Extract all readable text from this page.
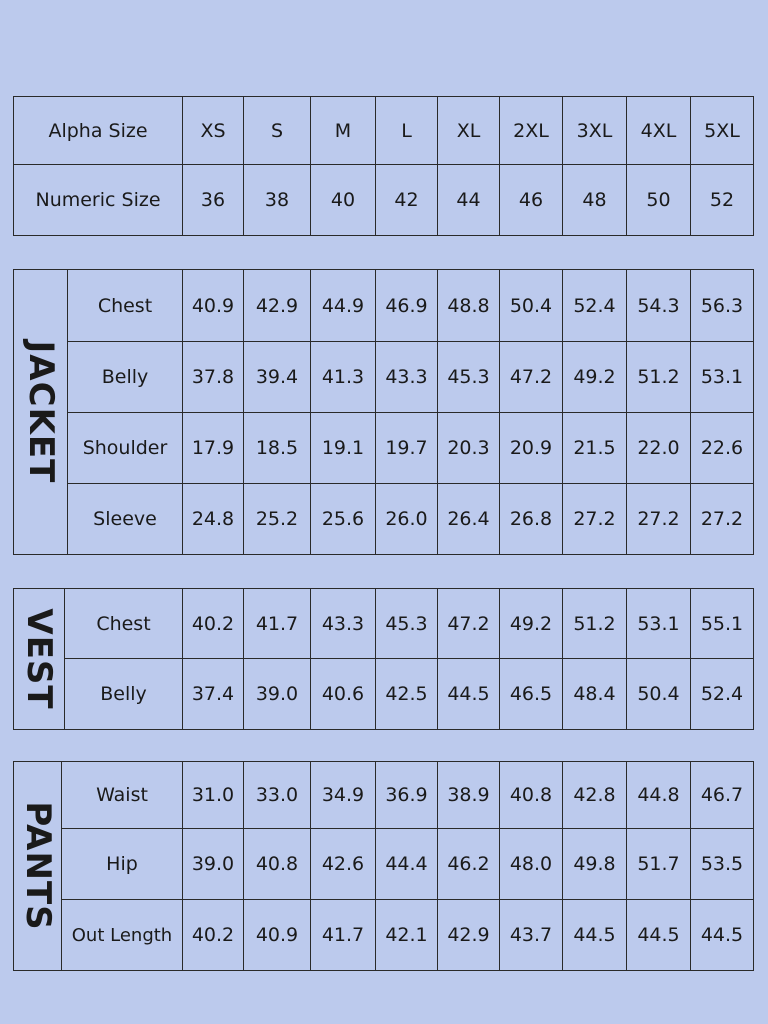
Alpha Size	XS	S	M	L	XL	2XL	3XL	4XL	5XL
Numeric Size	36	38	40	42	44	46	48	50	52
JACKET	Chest	40.9	42.9	44.9	46.9	48.8	50.4	52.4	54.3	56.3
	Belly	37.8	39.4	41.3	43.3	45.3	47.2	49.2	51.2	53.1
	Shoulder	17.9	18.5	19.1	19.7	20.3	20.9	21.5	22.0	22.6
	Sleeve	24.8	25.2	25.6	26.0	26.4	26.8	27.2	27.2	27.2
VEST	Chest	40.2	41.7	43.3	45.3	47.2	49.2	51.2	53.1	55.1
	Belly	37.4	39.0	40.6	42.5	44.5	46.5	48.4	50.4	52.4
PANTS	Waist	31.0	33.0	34.9	36.9	38.9	40.8	42.8	44.8	46.7
	Hip	39.0	40.8	42.6	44.4	46.2	48.0	49.8	51.7	53.5
	Out Length	40.2	40.9	41.7	42.1	42.9	43.7	44.5	44.5	44.5
